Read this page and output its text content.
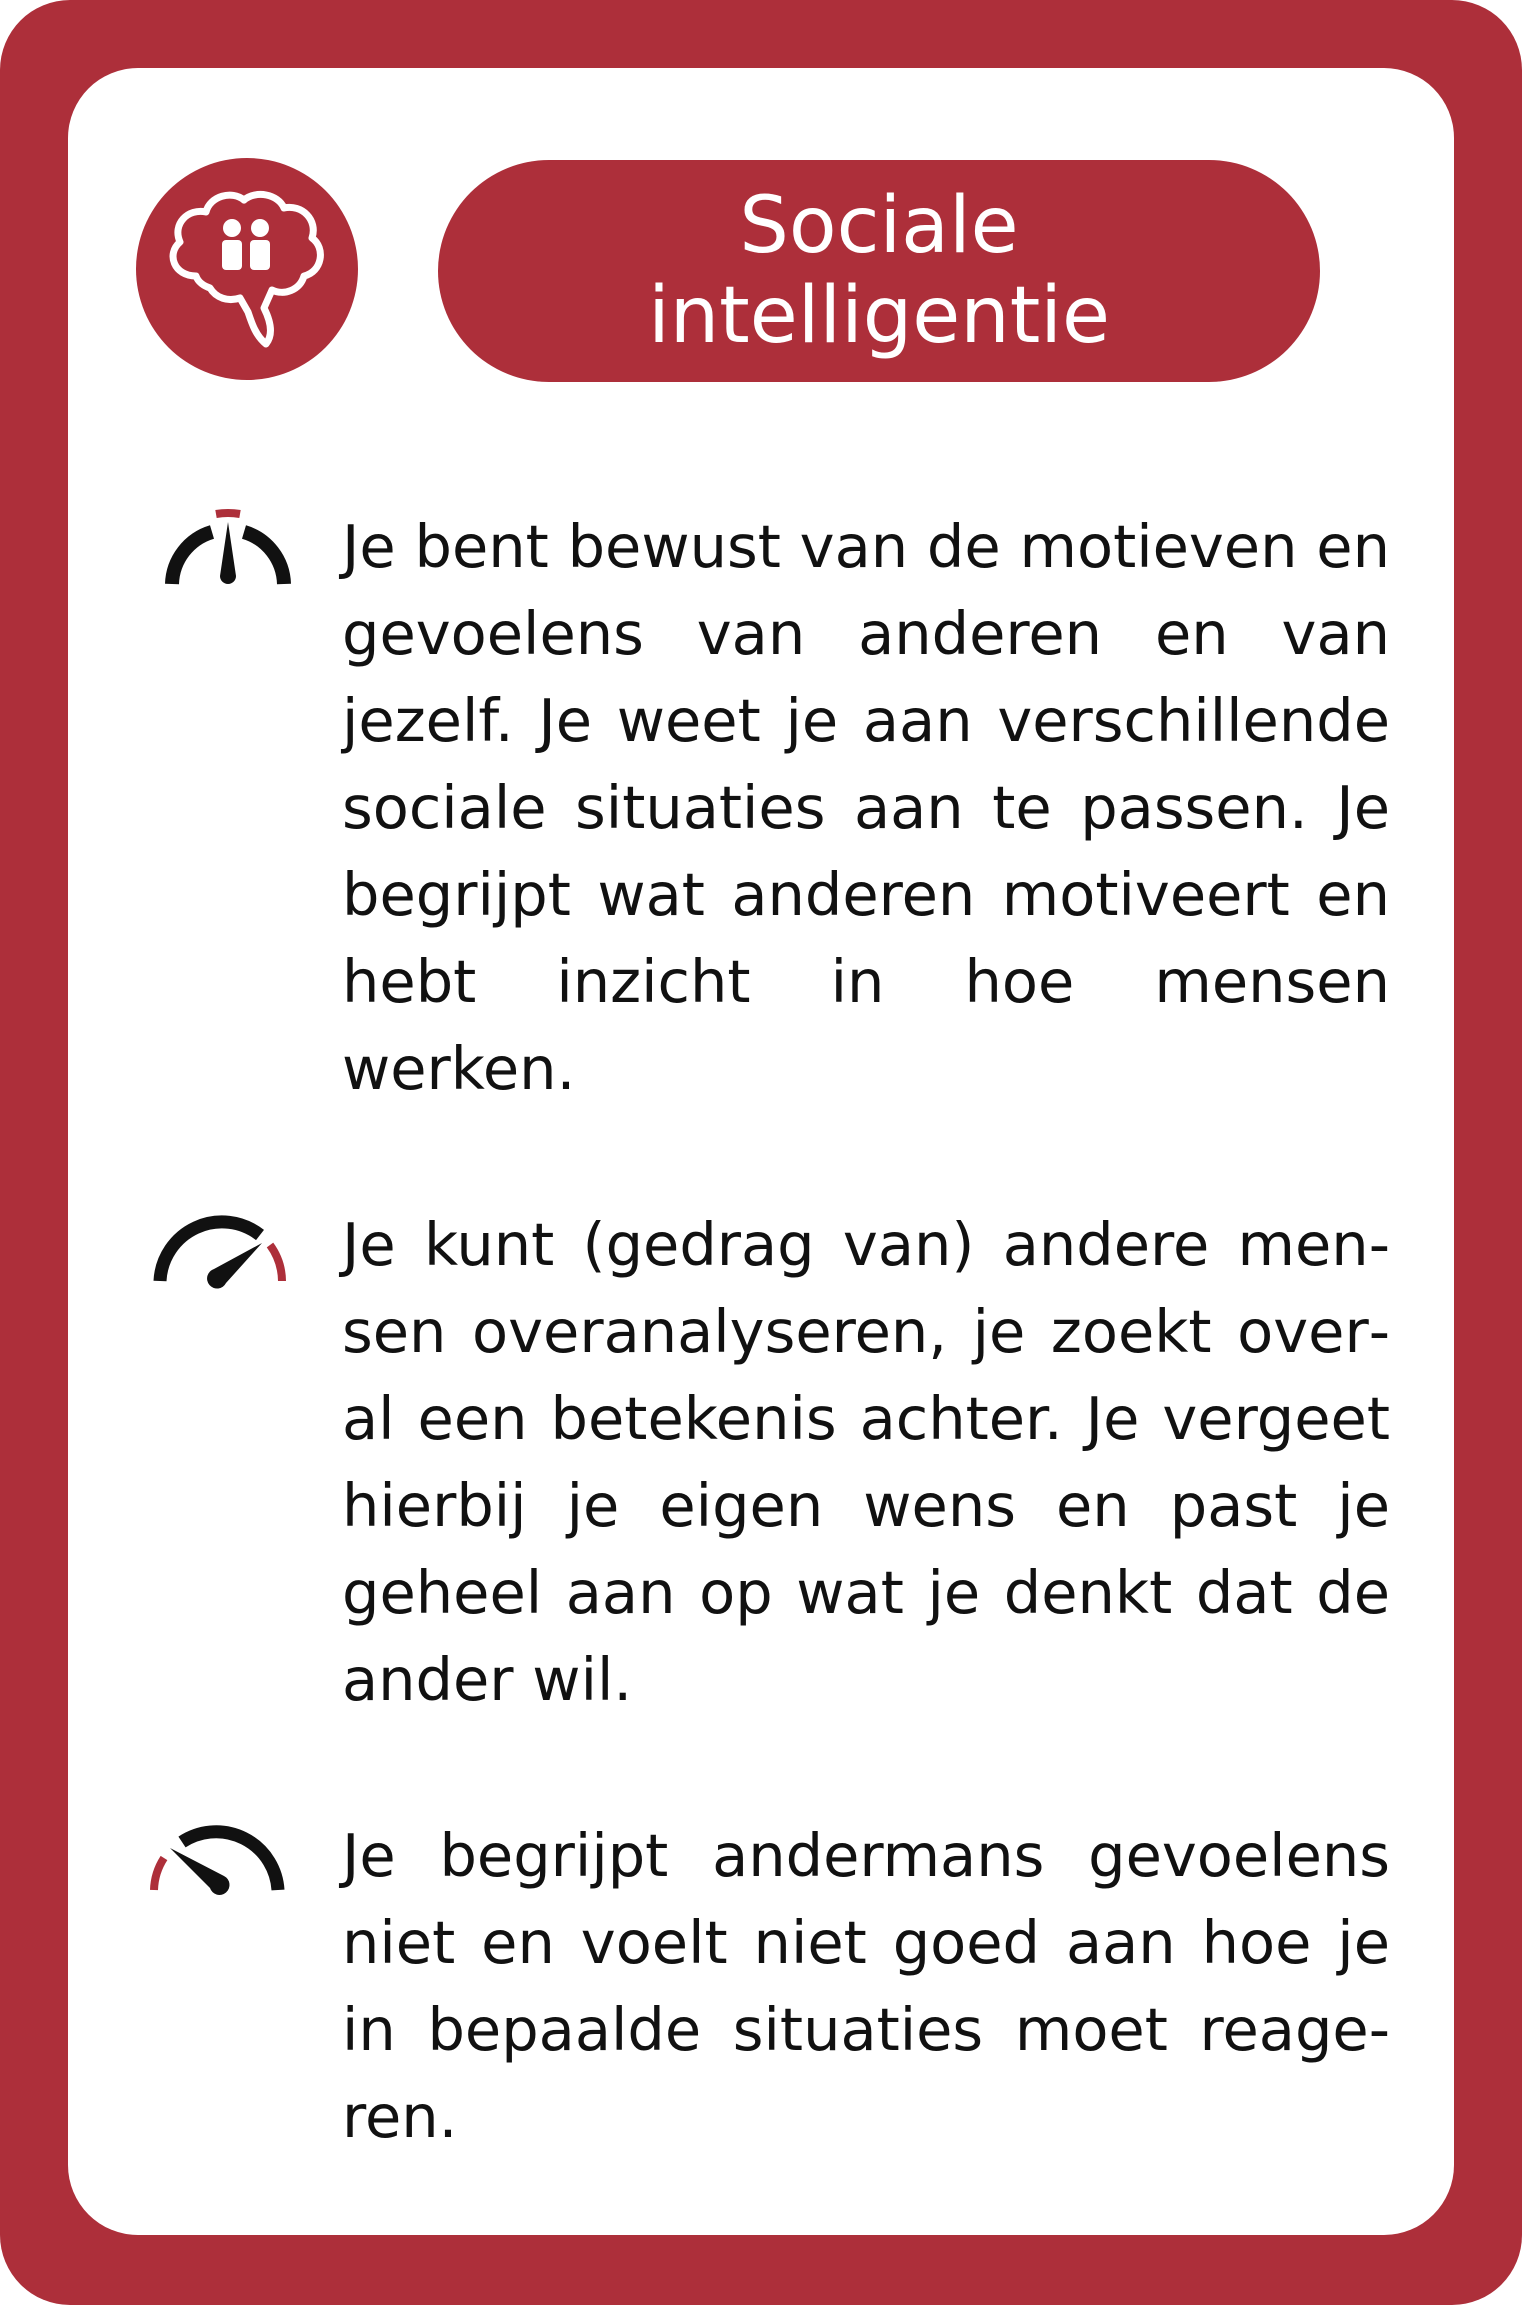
Sociale
intelligentie
Je bent bewust van de motieven en gevoelens van anderen en van jezelf. Je weet je aan verschillende sociale situaties aan te passen. Je begrijpt wat anderen motiveert en hebt inzicht in hoe mensen werken.
Je kunt (gedrag van) andere mensen overanalyseren, je zoekt overal een betekenis achter. Je vergeet hierbij je eigen wens en past je geheel aan op wat je denkt dat de ander wil.
Je begrijpt andermans gevoelens niet en voelt niet goed aan hoe je in bepaalde situaties moet reageren.
